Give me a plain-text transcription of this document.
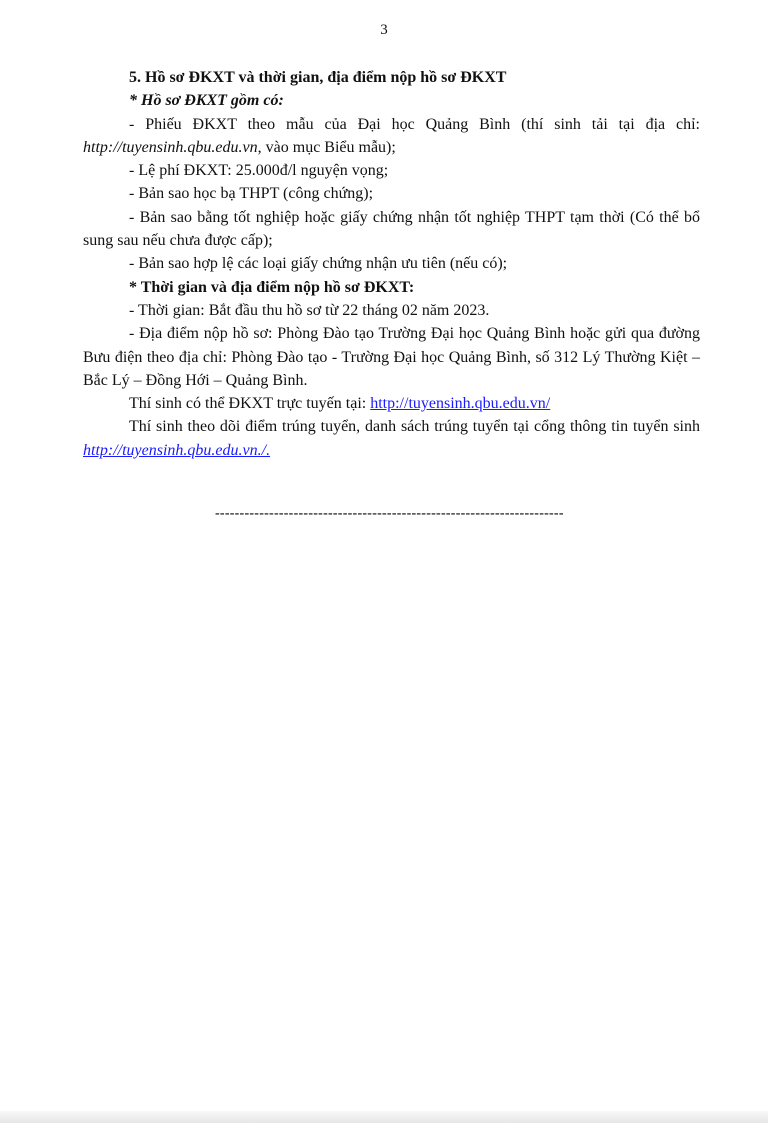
3

5. Hồ sơ ĐKXT và thời gian, địa điểm nộp hồ sơ ĐKXT

* Hồ sơ ĐKXT gồm có:

- Phiếu ĐKXT theo mẫu của Đại học Quảng Bình (thí sinh tải tại địa chỉ: http://tuyensinh.qbu.edu.vn, vào mục Biểu mẫu);

- Lệ phí ĐKXT: 25.000đ/l nguyện vọng;

- Bản sao học bạ THPT (công chứng);

- Bản sao bằng tốt nghiệp hoặc giấy chứng nhận tốt nghiệp THPT tạm thời (Có thể bổ sung sau nếu chưa được cấp);

- Bản sao hợp lệ các loại giấy chứng nhận ưu tiên (nếu có);

* Thời gian và địa điểm nộp hồ sơ ĐKXT:

- Thời gian: Bắt đầu thu hồ sơ từ 22 tháng 02 năm 2023.

- Địa điểm nộp hồ sơ: Phòng Đào tạo Trường Đại học Quảng Bình hoặc gửi qua đường Bưu điện theo địa chỉ: Phòng Đào tạo - Trường Đại học Quảng Bình, số 312 Lý Thường Kiệt – Bắc Lý – Đồng Hới – Quảng Bình.

Thí sinh có thể ĐKXT trực tuyến tại: http://tuyensinh.qbu.edu.vn/

Thí sinh theo dõi điểm trúng tuyển, danh sách trúng tuyển tại cổng thông tin tuyển sinh http://tuyensinh.qbu.edu.vn./.

-----------------------------------------------------------------------
